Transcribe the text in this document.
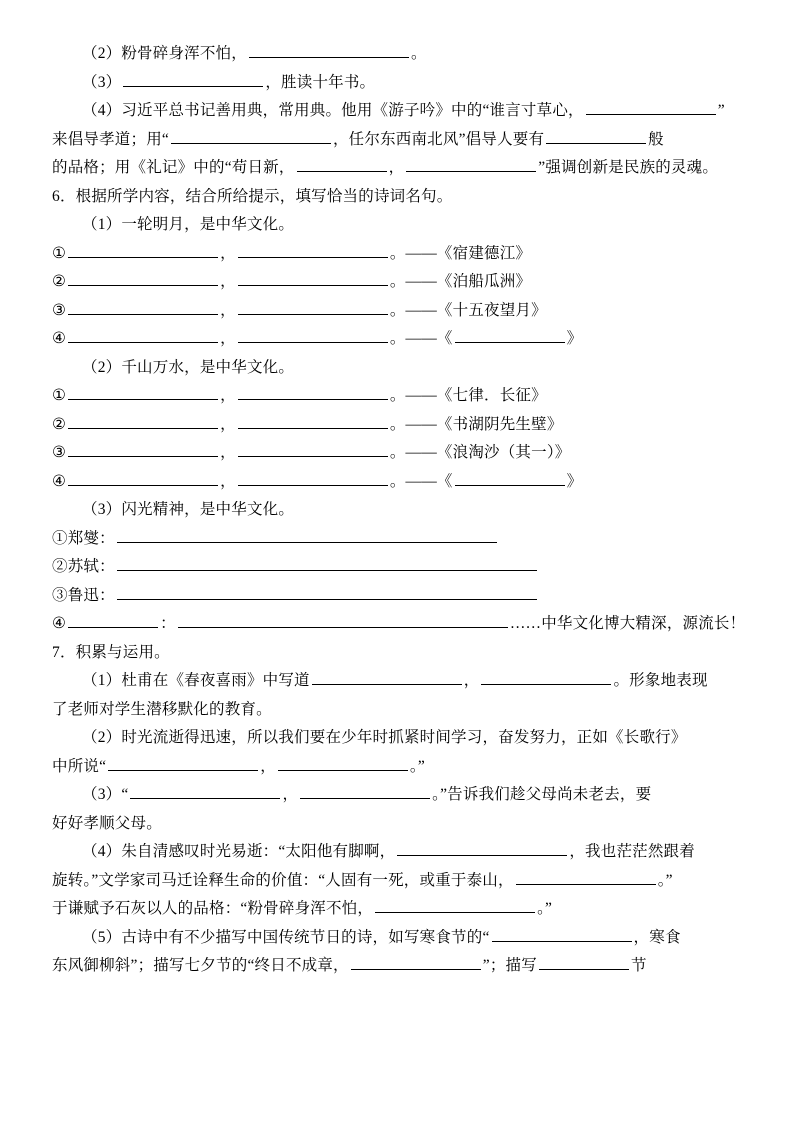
（2）粉骨碎身浑不怕，	。
（3）	，胜读十年书。
（4）习近平总书记善用典，常用典。他用《游子吟》中的“谁言寸草心，	”
来倡导孝道；用“	，任尔东西南北风”倡导人要有	般
的品格；用《礼记》中的“苟日新，	，	”强调创新是民族的灵魂。
6．根据所学内容，结合所给提示，填写恰当的诗词名句。
（1）一轮明月，是中华文化。
①	，	。——《宿建德江》
②	，	。——《泊船瓜洲》
③	，	。——《十五夜望月》
④	，	。——《	》
（2）千山万水，是中华文化。
①	，	。——《七律．长征》
②	，	。——《书湖阴先生壁》
③	，	。——《浪淘沙（其一）》
④	，	。——《	》
（3）闪光精神，是中华文化。
①郑燮：
②苏轼：
③鲁迅：
④	：	……中华文化博大精深，源流长！
7．积累与运用。
（1）杜甫在《春夜喜雨》中写道	，	。形象地表现
了老师对学生潜移默化的教育。
（2）时光流逝得迅速，所以我们要在少年时抓紧时间学习，奋发努力，正如《长歌行》
中所说“	，	。”
（3）“	，	。”告诉我们趁父母尚未老去，要
好好孝顺父母。
（4）朱自清感叹时光易逝：“太阳他有脚啊，	，我也茫茫然跟着
旋转。”文学家司马迁诠释生命的价值：“人固有一死，或重于泰山，	。”
于谦赋予石灰以人的品格：“粉骨碎身浑不怕，	。”
（5）古诗中有不少描写中国传统节日的诗，如写寒食节的“	，寒食
东风御柳斜”；描写七夕节的“终日不成章，	”；描写	节
